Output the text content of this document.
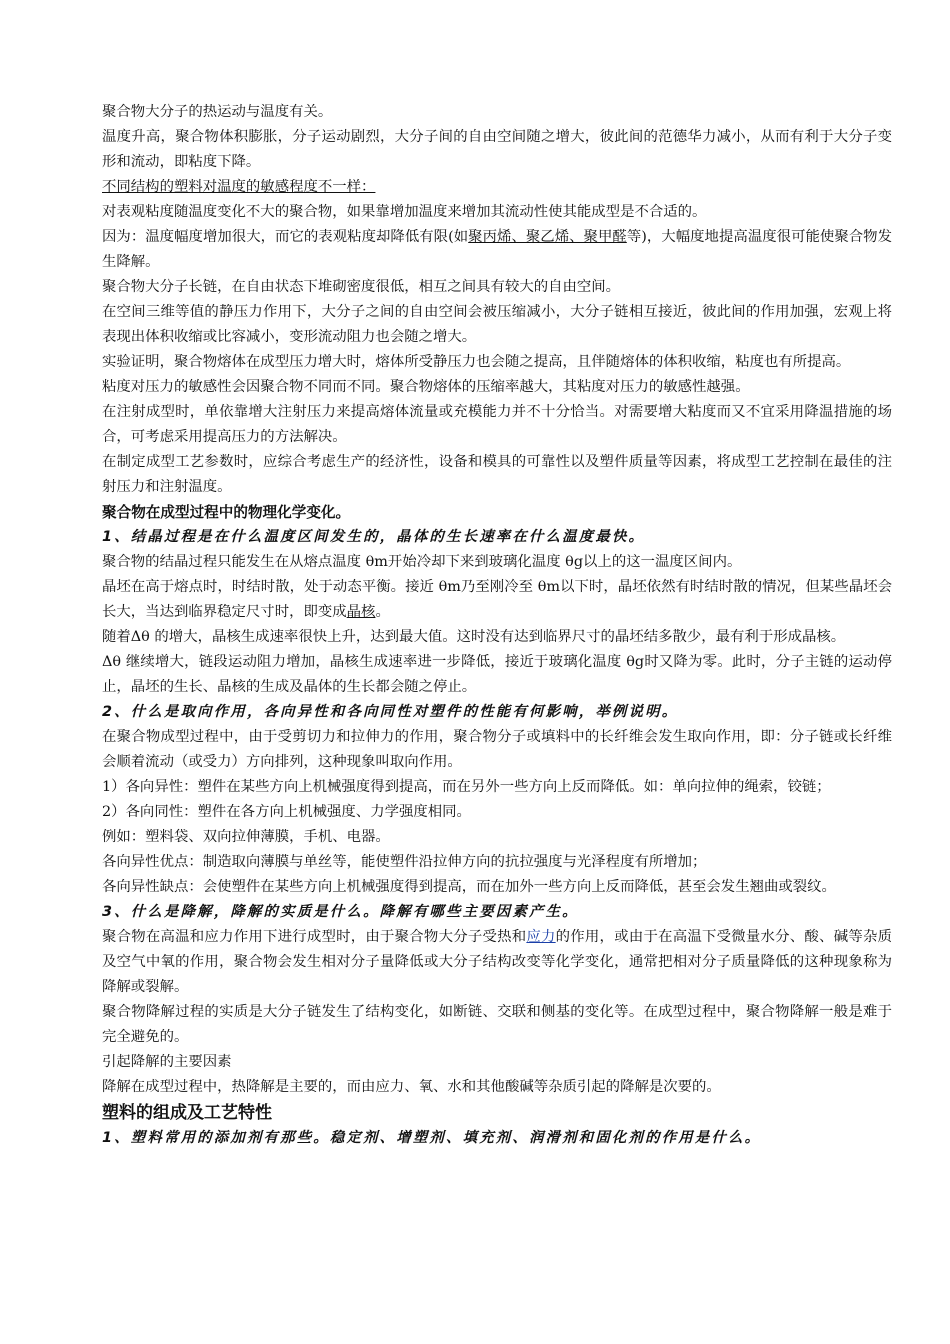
聚合物大分子的热运动与温度有关。

温度升高，聚合物体积膨胀，分子运动剧烈，大分子间的自由空间随之增大，彼此间的范德华力减小，从而有利于大分子变形和流动，即粘度下降。

不同结构的塑料对温度的敏感程度不一样：

对表观粘度随温度变化不大的聚合物，如果靠增加温度来增加其流动性使其能成型是不合适的。

因为：温度幅度增加很大，而它的表观粘度却降低有限(如聚丙烯、聚乙烯、聚甲醛等)，大幅度地提高温度很可能使聚合物发生降解。

聚合物大分子长链，在自由状态下堆砌密度很低，相互之间具有较大的自由空间。

在空间三维等值的静压力作用下，大分子之间的自由空间会被压缩减小，大分子链相互接近，彼此间的作用加强，宏观上将表现出体积收缩或比容减小，变形流动阻力也会随之增大。

实验证明，聚合物熔体在成型压力增大时，熔体所受静压力也会随之提高，且伴随熔体的体积收缩，粘度也有所提高。

粘度对压力的敏感性会因聚合物不同而不同。聚合物熔体的压缩率越大，其粘度对压力的敏感性越强。

在注射成型时，单依靠增大注射压力来提高熔体流量或充模能力并不十分恰当。对需要增大粘度而又不宜采用降温措施的场合，可考虑采用提高压力的方法解决。

在制定成型工艺参数时，应综合考虑生产的经济性，设备和模具的可靠性以及塑件质量等因素，将成型工艺控制在最佳的注射压力和注射温度。

聚合物在成型过程中的物理化学变化。

1、结晶过程是在什么温度区间发生的，晶体的生长速率在什么温度最快。

聚合物的结晶过程只能发生在从熔点温度 θm开始冷却下来到玻璃化温度 θg以上的这一温度区间内。

晶坯在高于熔点时，时结时散，处于动态平衡。接近 θm乃至刚冷至 θm以下时，晶坯依然有时结时散的情况，但某些晶坯会长大，当达到临界稳定尺寸时，即变成晶核。

随着Δθ 的增大，晶核生成速率很快上升，达到最大值。这时没有达到临界尺寸的晶坯结多散少，最有利于形成晶核。

Δθ 继续增大，链段运动阻力增加，晶核生成速率进一步降低，接近于玻璃化温度 θg时又降为零。此时，分子主链的运动停止，晶坯的生长、晶核的生成及晶体的生长都会随之停止。

2、什么是取向作用，各向异性和各向同性对塑件的性能有何影响，举例说明。

在聚合物成型过程中，由于受剪切力和拉伸力的作用，聚合物分子或填料中的长纤维会发生取向作用，即：分子链或长纤维会顺着流动（或受力）方向排列，这种现象叫取向作用。

1）各向异性：塑件在某些方向上机械强度得到提高，而在另外一些方向上反而降低。如：单向拉伸的绳索，铰链；

2）各向同性：塑件在各方向上机械强度、力学强度相同。

例如：塑料袋、双向拉伸薄膜，手机、电器。

各向异性优点：制造取向薄膜与单丝等，能使塑件沿拉伸方向的抗拉强度与光泽程度有所增加；

各向异性缺点：会使塑件在某些方向上机械强度得到提高，而在加外一些方向上反而降低，甚至会发生翘曲或裂纹。

3、什么是降解，降解的实质是什么。降解有哪些主要因素产生。

聚合物在高温和应力作用下进行成型时，由于聚合物大分子受热和应力的作用，或由于在高温下受微量水分、酸、碱等杂质及空气中氧的作用，聚合物会发生相对分子量降低或大分子结构改变等化学变化，通常把相对分子质量降低的这种现象称为降解或裂解。

聚合物降解过程的实质是大分子链发生了结构变化，如断链、交联和侧基的变化等。在成型过程中，聚合物降解一般是难于完全避免的。

引起降解的主要因素

降解在成型过程中，热降解是主要的，而由应力、氧、水和其他酸碱等杂质引起的降解是次要的。

塑料的组成及工艺特性

1、塑料常用的添加剂有那些。稳定剂、增塑剂、填充剂、润滑剂和固化剂的作用是什么。
